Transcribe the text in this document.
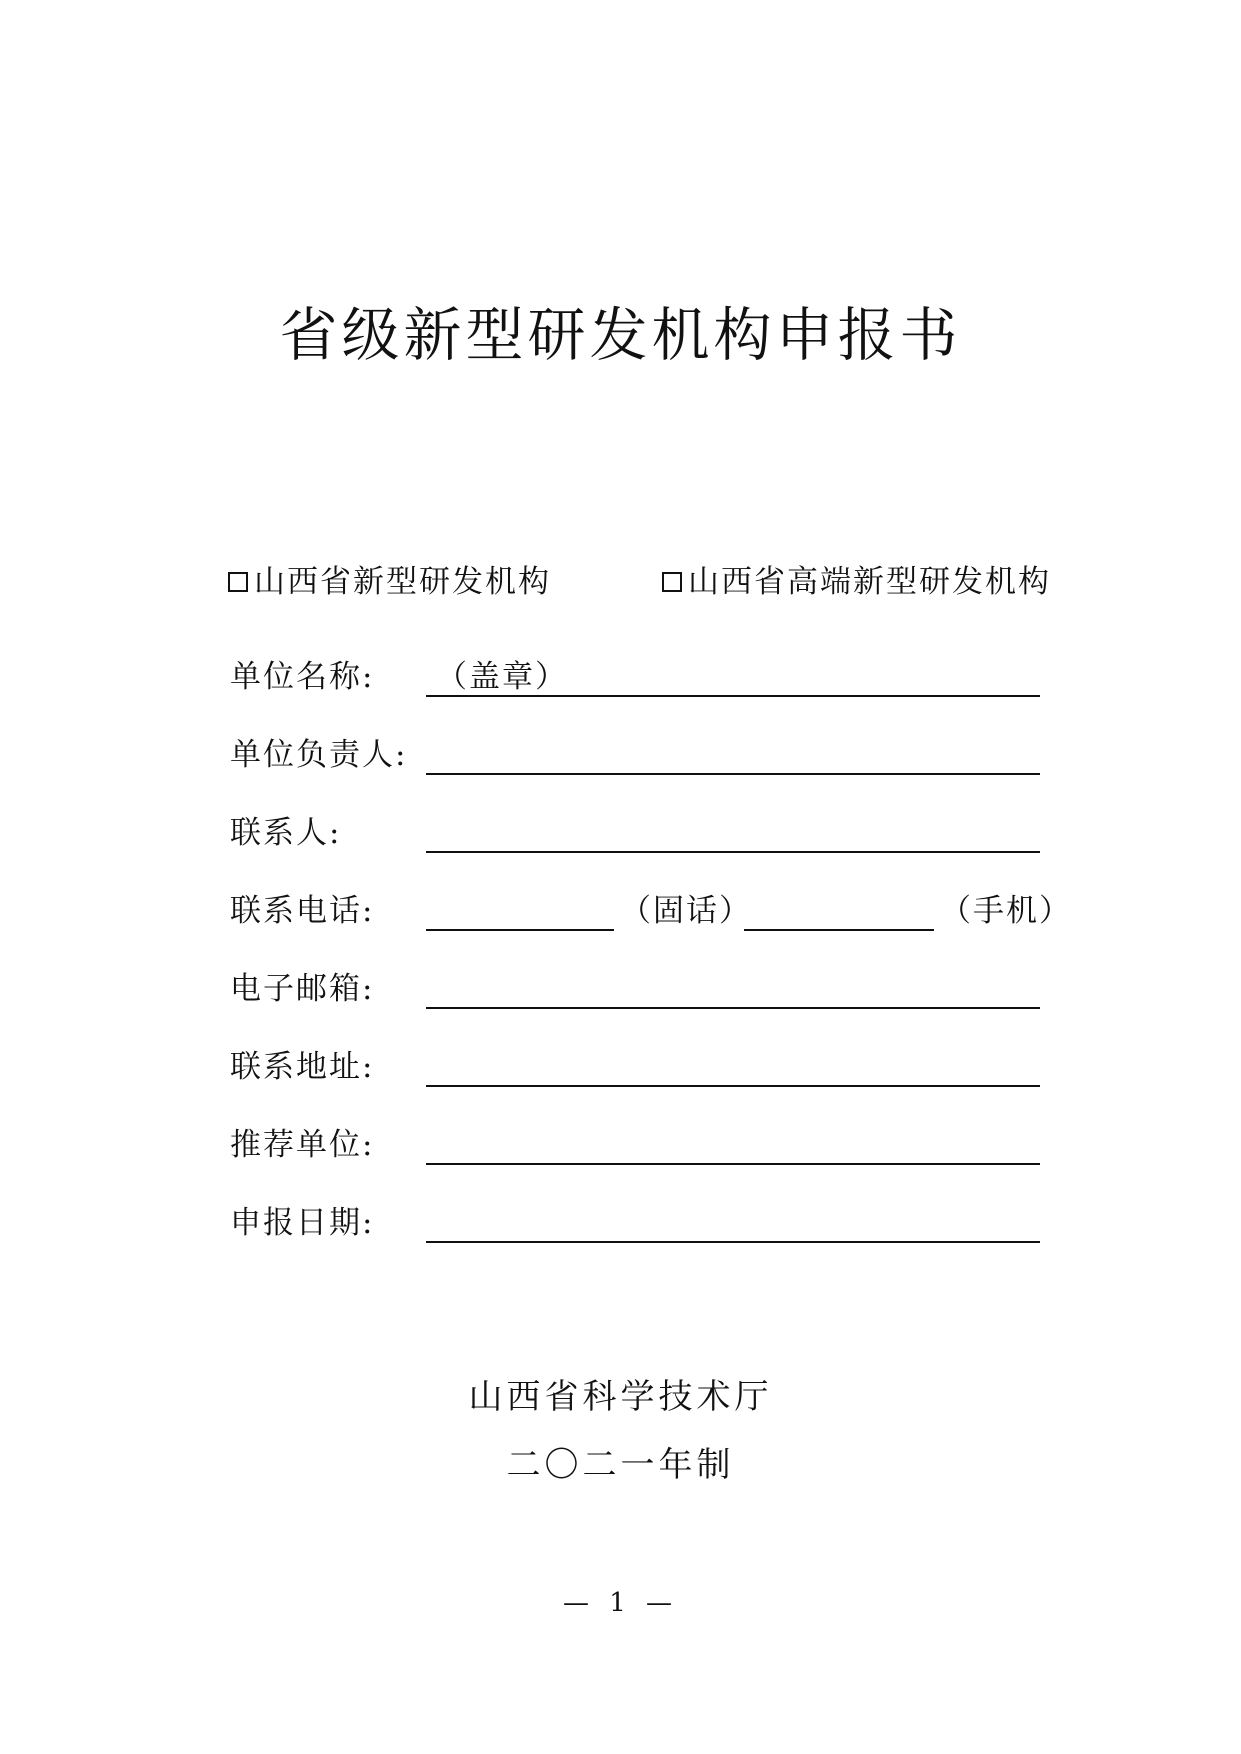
省级新型研发机构申报书
山西省新型研发机构	山西省高端新型研发机构
单位名称: （盖章）
单位负责人:
联系人:
联系电话:	（固话）	（手机）
电子邮箱:
联系地址:
推荐单位:
申报日期:
山西省科学技术厅
二〇二一年制
— 1 —
